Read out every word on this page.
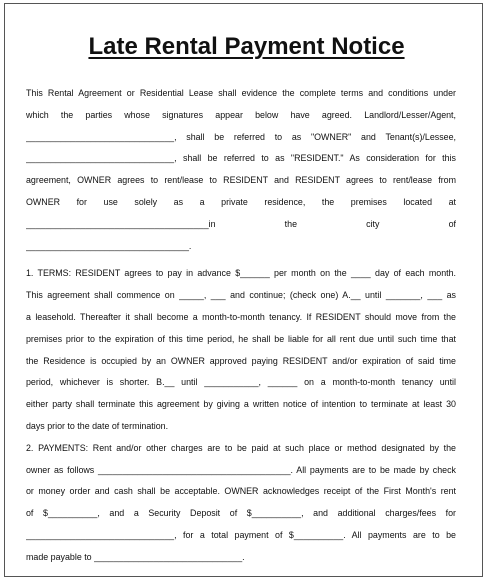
Late Rental Payment Notice
This Rental Agreement or Residential Lease shall evidence the complete terms and conditions under
which the parties whose signatures appear below have agreed. Landlord/Lesser/Agent,
______________________________, shall be referred to as "OWNER" and Tenant(s)/Lessee,
______________________________, shall be referred to as "RESIDENT." As consideration for this
agreement, OWNER agrees to rent/lease to RESIDENT and RESIDENT agrees to rent/lease from
OWNER for use solely as a private residence, the premises located at
_____________________________________in the city of
_________________________________.
1. TERMS: RESIDENT agrees to pay in advance $______ per month on the ____ day of each month.
This agreement shall commence on _____, ___ and continue; (check one) A.__ until _______, ___ as
a leasehold. Thereafter it shall become a month-to-month tenancy. If RESIDENT should move from the
premises prior to the expiration of this time period, he shall be liable for all rent due until such time that
the Residence is occupied by an OWNER approved paying RESIDENT and/or expiration of said time
period, whichever is shorter. B.__ until ___________, ______ on a month-to-month tenancy until
either party shall terminate this agreement by giving a written notice of intention to terminate at least 30
days prior to the date of termination.
2. PAYMENTS: Rent and/or other charges are to be paid at such place or method designated by the
owner as follows _______________________________________. All payments are to be made by check
or money order and cash shall be acceptable. OWNER acknowledges receipt of the First Month's rent
of $__________, and a Security Deposit of $__________, and additional charges/fees for
______________________________, for a total payment of $__________. All payments are to be
made payable to ______________________________.
